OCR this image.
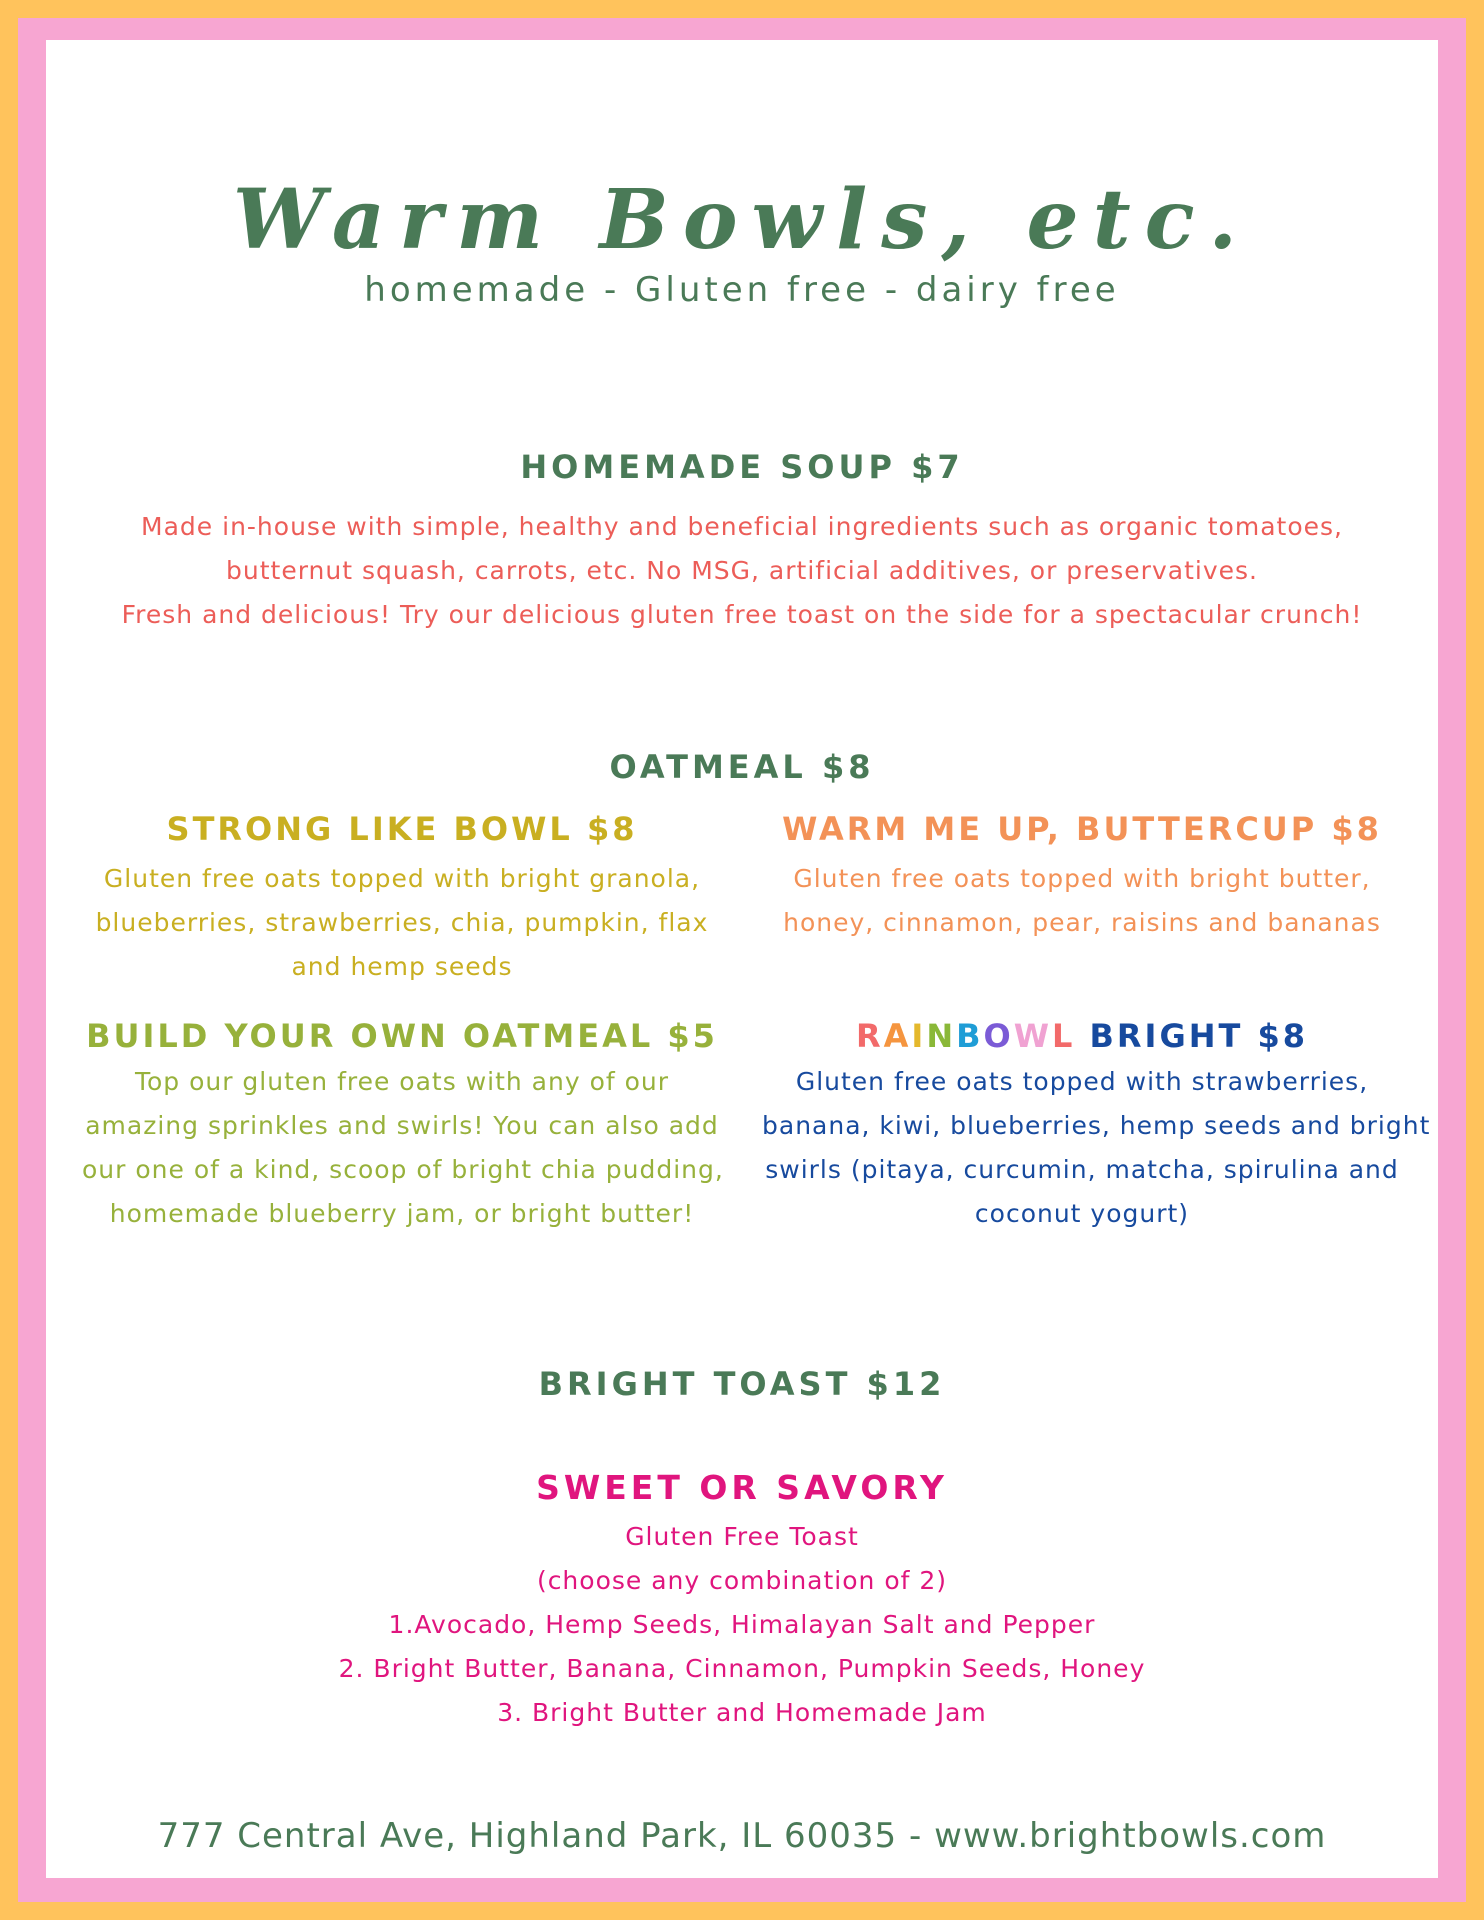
Warm Bowls, etc.
homemade - Gluten free - dairy free
HOMEMADE SOUP $7
Made in-house with simple, healthy and beneficial ingredients such as organic tomatoes,
butternut squash, carrots, etc. No MSG, artificial additives, or preservatives.
Fresh and delicious! Try our delicious gluten free toast on the side for a spectacular crunch!
OATMEAL $8
STRONG LIKE BOWL $8
Gluten free oats topped with bright granola,
blueberries, strawberries, chia, pumpkin, flax
and hemp seeds
WARM ME UP, BUTTERCUP $8
Gluten free oats topped with bright butter,
honey, cinnamon, pear, raisins and bananas
BUILD YOUR OWN OATMEAL $5
Top our gluten free oats with any of our
amazing sprinkles and swirls! You can also add
our one of a kind, scoop of bright chia pudding,
homemade blueberry jam, or bright butter!
RAINBOWL BRIGHT $8
Gluten free oats topped with strawberries,
banana, kiwi, blueberries, hemp seeds and bright
swirls (pitaya, curcumin, matcha, spirulina and
coconut yogurt)
BRIGHT TOAST $12
SWEET OR SAVORY
Gluten Free Toast
(choose any combination of 2)
1.Avocado, Hemp Seeds, Himalayan Salt and Pepper
2. Bright Butter, Banana, Cinnamon, Pumpkin Seeds, Honey
3. Bright Butter and Homemade Jam
777 Central Ave, Highland Park, IL 60035 - www.brightbowls.com
